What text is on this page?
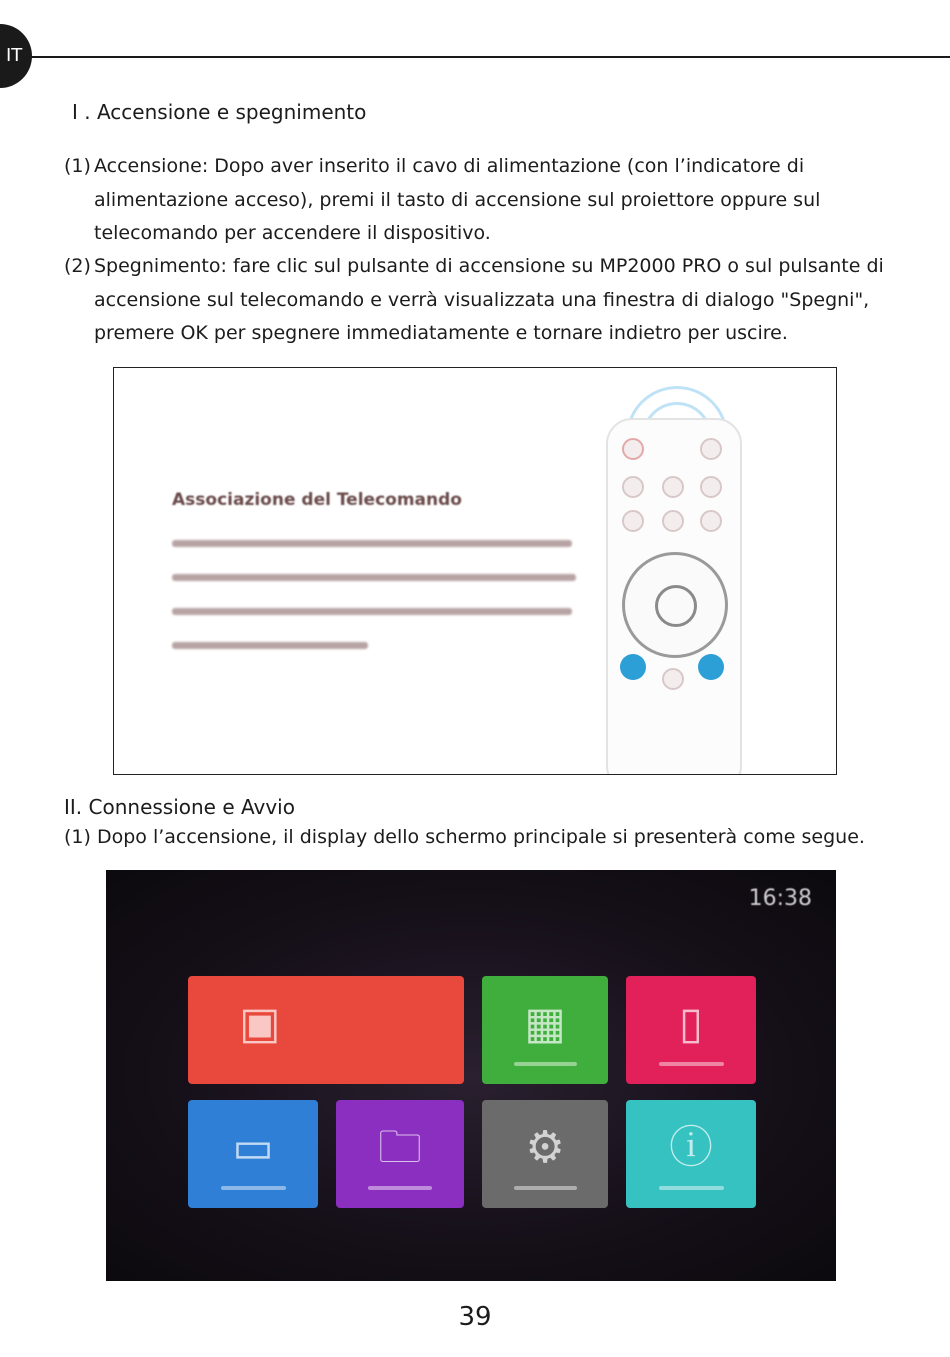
IT
I . Accensione e spegnimento
(1) Accensione: Dopo aver inserito il cavo di alimentazione (con l’indicatore di alimentazione acceso), premi il tasto di accensione sul proiettore oppure sul telecomando per accendere il dispositivo.
(2) Spegnimento: fare clic sul pulsante di accensione su MP2000 PRO o sul pulsante di accensione sul telecomando e verrà visualizzata una finestra di dialogo "Spegni", premere OK per spegnere immediatamente e tornare indietro per uscire.
Associazione del Telecomando
II. Connessione e Avvio
(1) Dopo l’accensione, il display dello schermo principale si presenterà come segue.
16:38
▣	▦	▯
▭ 🗀 ⚙ ⓘ
39
